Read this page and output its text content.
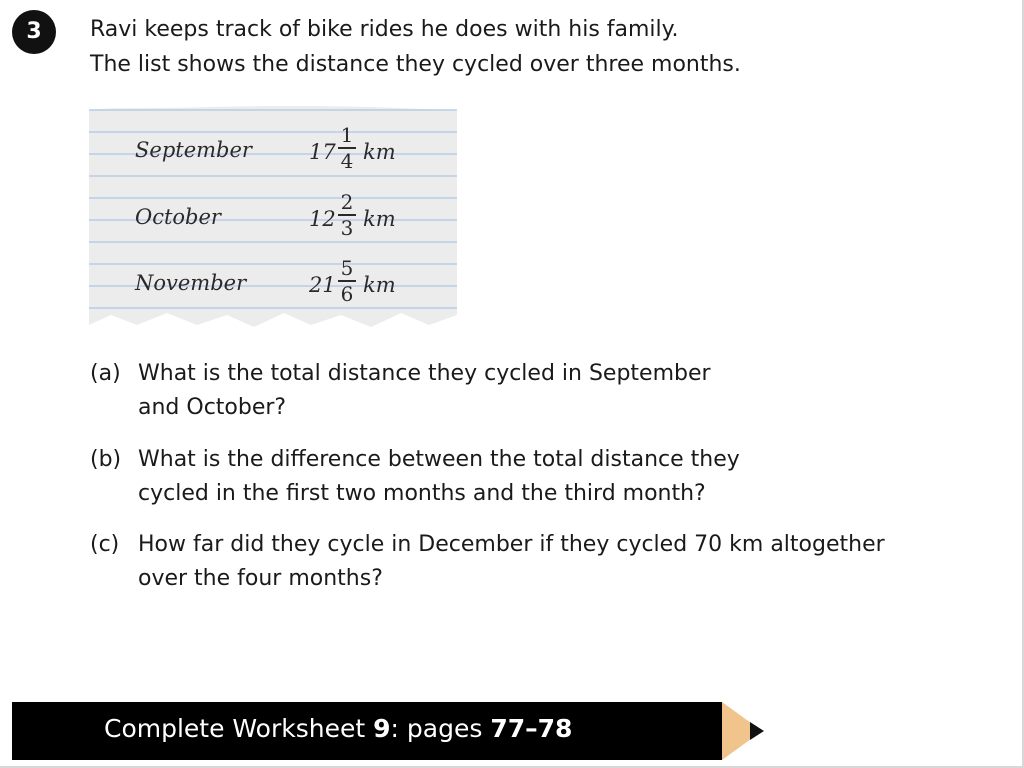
3	Ravi keeps track of bike rides he does with his family.
The list shows the distance they cycled over three months.
September	17
1
4 km
October	12
2
3 km
November	21
5
6 km
(a) What is the total distance they cycled in September
and October?
(b) What is the difference between the total distance they
cycled in the first two months and the third month?
(c) How far did they cycle in December if they cycled 70 km altogether
over the four months?
Complete Worksheet 9: pages 77–78
